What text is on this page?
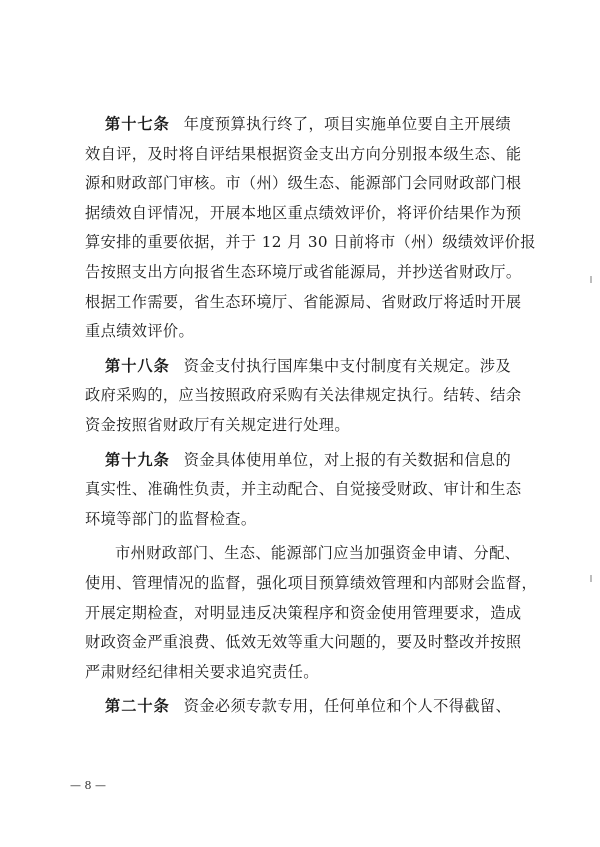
第十七条 年度预算执行终了，项目实施单位要自主开展绩
效自评，及时将自评结果根据资金支出方向分别报本级生态、能
源和财政部门审核。市（州）级生态、能源部门会同财政部门根
据绩效自评情况，开展本地区重点绩效评价，将评价结果作为预
算安排的重要依据，并于 12 月 30 日前将市（州）级绩效评价报
告按照支出方向报省生态环境厅或省能源局，并抄送省财政厅。
根据工作需要，省生态环境厅、省能源局、省财政厅将适时开展
重点绩效评价。

第十八条 资金支付执行国库集中支付制度有关规定。涉及
政府采购的，应当按照政府采购有关法律规定执行。结转、结余
资金按照省财政厅有关规定进行处理。

第十九条 资金具体使用单位，对上报的有关数据和信息的
真实性、准确性负责，并主动配合、自觉接受财政、审计和生态
环境等部门的监督检查。

市州财政部门、生态、能源部门应当加强资金申请、分配、
使用、管理情况的监督，强化项目预算绩效管理和内部财会监督，
开展定期检查，对明显违反决策程序和资金使用管理要求，造成
财政资金严重浪费、低效无效等重大问题的，要及时整改并按照
严肃财经纪律相关要求追究责任。

第二十条 资金必须专款专用，任何单位和个人不得截留、

— 8 —
